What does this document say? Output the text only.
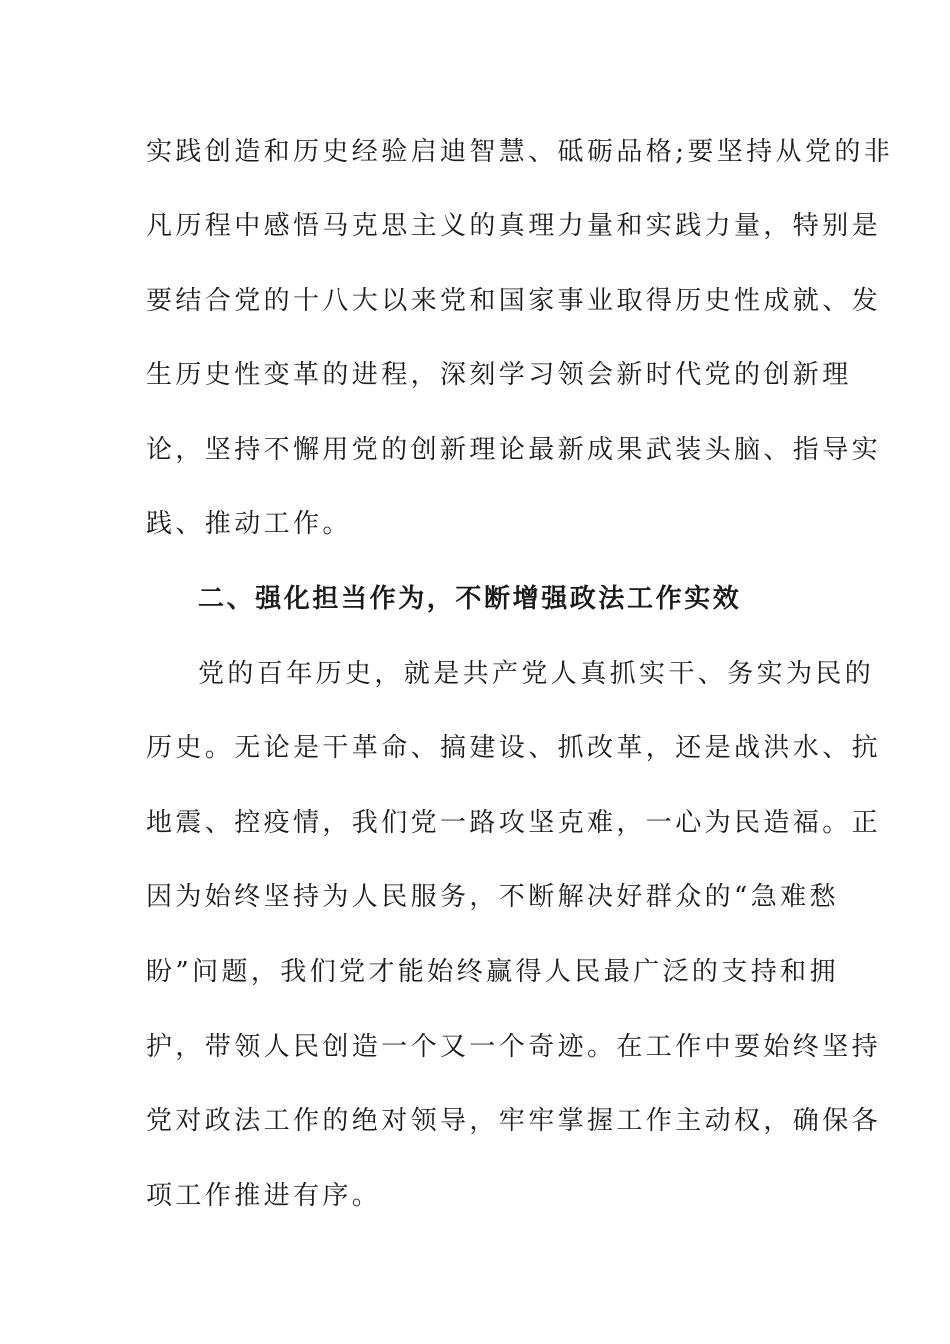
实践创造和历史经验启迪智慧、砥砺品格;要坚持从党的非
凡历程中感悟马克思主义的真理力量和实践力量，特别是
要结合党的十八大以来党和国家事业取得历史性成就、发
生历史性变革的进程，深刻学习领会新时代党的创新理
论，坚持不懈用党的创新理论最新成果武装头脑、指导实
践、推动工作。
二、强化担当作为，不断增强政法工作实效
党的百年历史，就是共产党人真抓实干、务实为民的
历史。无论是干革命、搞建设、抓改革，还是战洪水、抗
地震、控疫情，我们党一路攻坚克难，一心为民造福。正
因为始终坚持为人民服务，不断解决好群众的“急难愁
盼”问题，我们党才能始终赢得人民最广泛的支持和拥
护，带领人民创造一个又一个奇迹。在工作中要始终坚持
党对政法工作的绝对领导，牢牢掌握工作主动权，确保各
项工作推进有序。
